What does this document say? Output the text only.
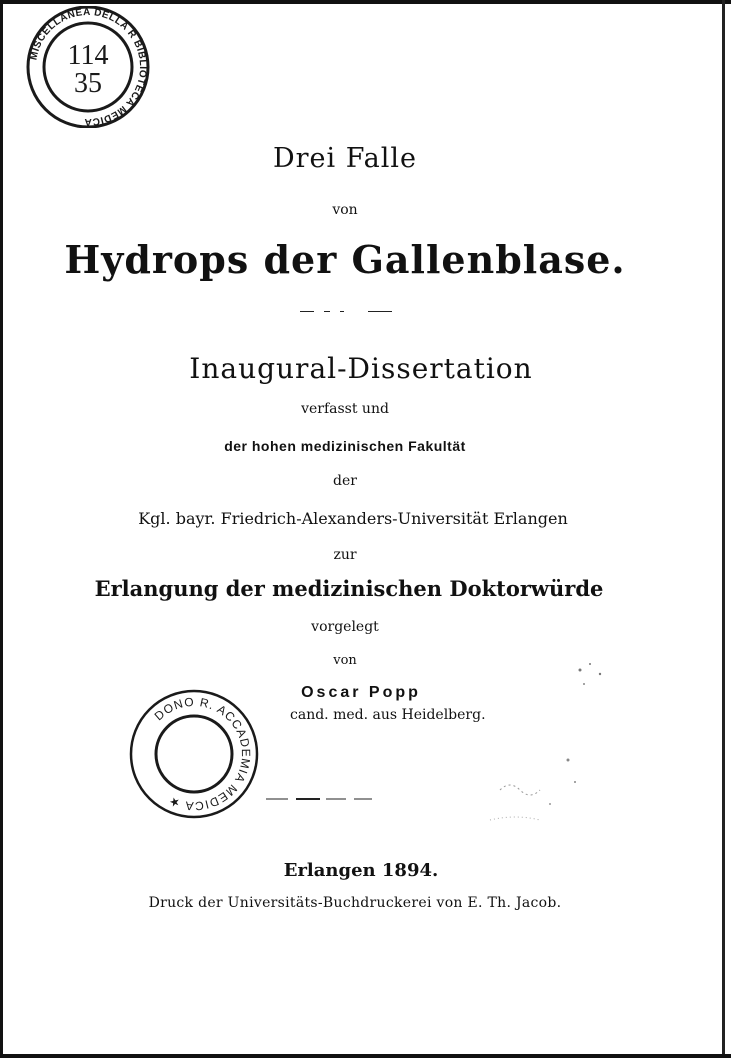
MISCELLANEA DELLA R BIBLIOTECA MEDICA
114
35
Drei Falle
von
Hydrops der Gallenblase.
Inaugural-Dissertation
verfasst und
der hohen medizinischen Fakultät
der
Kgl. bayr. Friedrich-Alexanders-Universität Erlangen
zur
Erlangung der medizinischen Doktorwürde
vorgelegt
von
Oscar Popp
cand. med. aus Heidelberg.
DONO R. ACCADEMIA MEDICA ★
Erlangen 1894.
Druck der Universitäts-Buchdruckerei von E. Th. Jacob.
